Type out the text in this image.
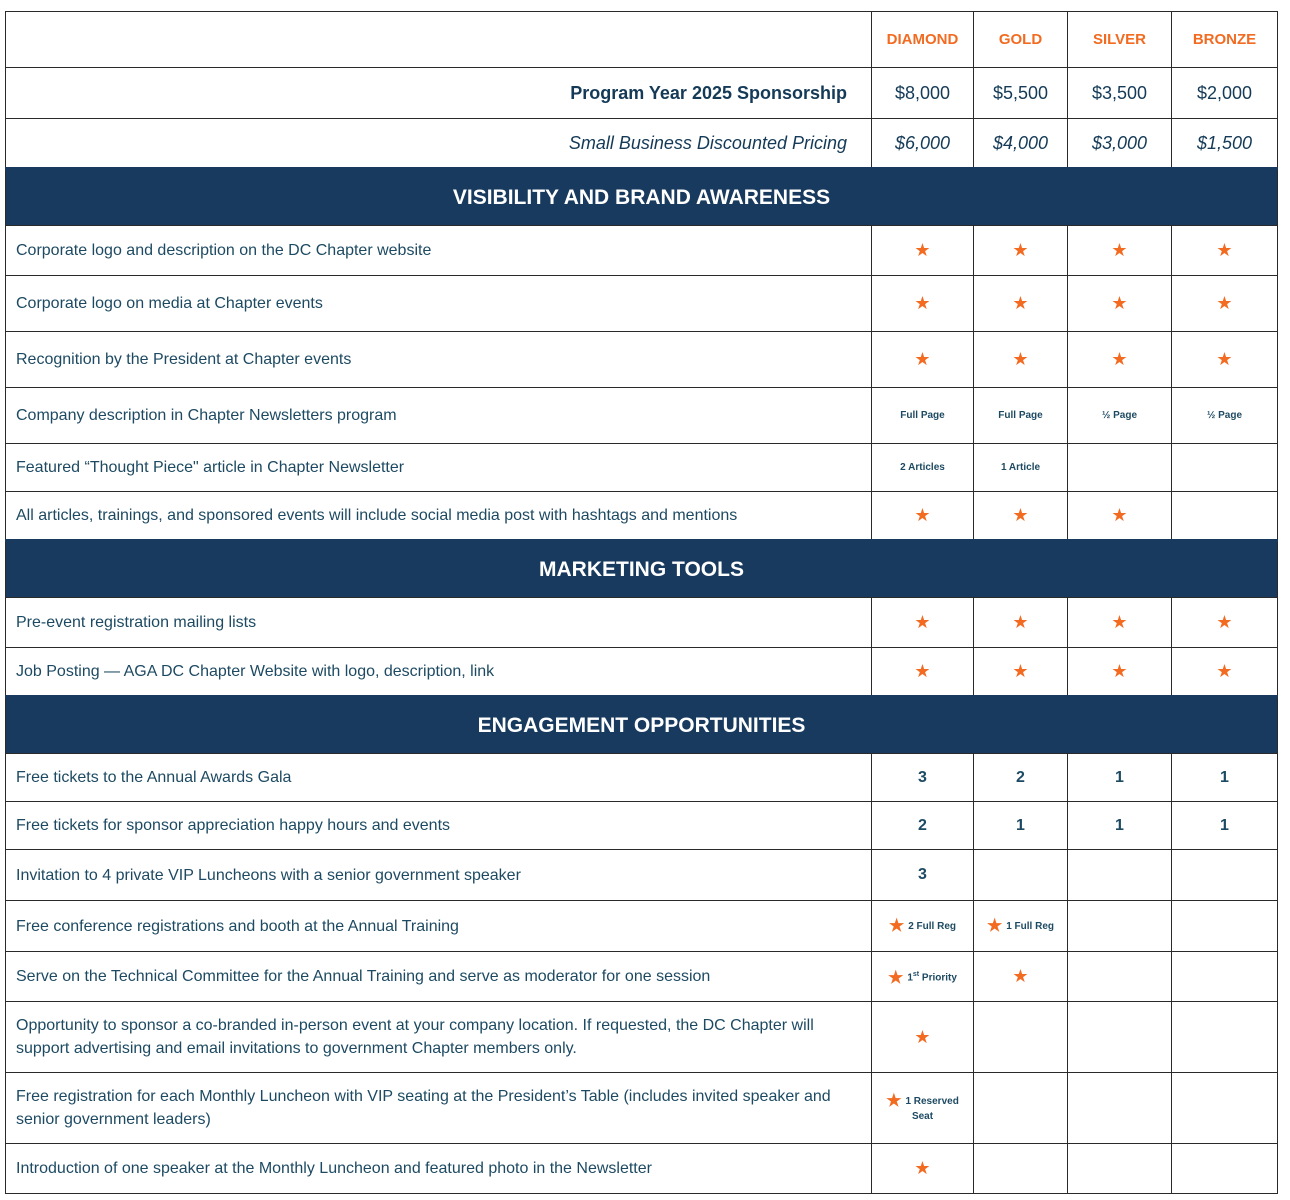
	DIAMOND	GOLD	SILVER	BRONZE
Program Year 2025 Sponsorship	$8,000	$5,500	$3,500	$2,000
Small Business Discounted Pricing	$6,000	$4,000	$3,000	$1,500
VISIBILITY AND BRAND AWARENESS				
Corporate logo and description on the DC Chapter website	★	★	★	★
Corporate logo on media at Chapter events	★	★	★	★
Recognition by the President at Chapter events	★	★	★	★
Company description in Chapter Newsletters program	Full Page	Full Page	½ Page	½ Page
Featured “Thought Piece" article in Chapter Newsletter	2 Articles	1 Article		
All articles, trainings, and sponsored events will include social media post with hashtags and mentions	★	★	★	
MARKETING TOOLS				
Pre-event registration mailing lists	★	★	★	★
Job Posting — AGA DC Chapter Website with logo, description, link	★	★	★	★
ENGAGEMENT OPPORTUNITIES				
Free tickets to the Annual Awards Gala	3	2	1	1
Free tickets for sponsor appreciation happy hours and events	2	1	1	1
Invitation to 4 private VIP Luncheons with a senior government speaker	3			
Free conference registrations and booth at the Annual Training	★ 2 Full Reg	★ 1 Full Reg		
Serve on the Technical Committee for the Annual Training and serve as moderator for one session	★ 1st Priority	★		
Opportunity to sponsor a co-branded in-person event at your company location. If requested, the DC Chapter will support advertising and email invitations to government Chapter members only.	★			
Free registration for each Monthly Luncheon with VIP seating at the President’s Table (includes invited speaker and senior government leaders)	★ 1 Reserved Seat			
Introduction of one speaker at the Monthly Luncheon and featured photo in the Newsletter	★			
